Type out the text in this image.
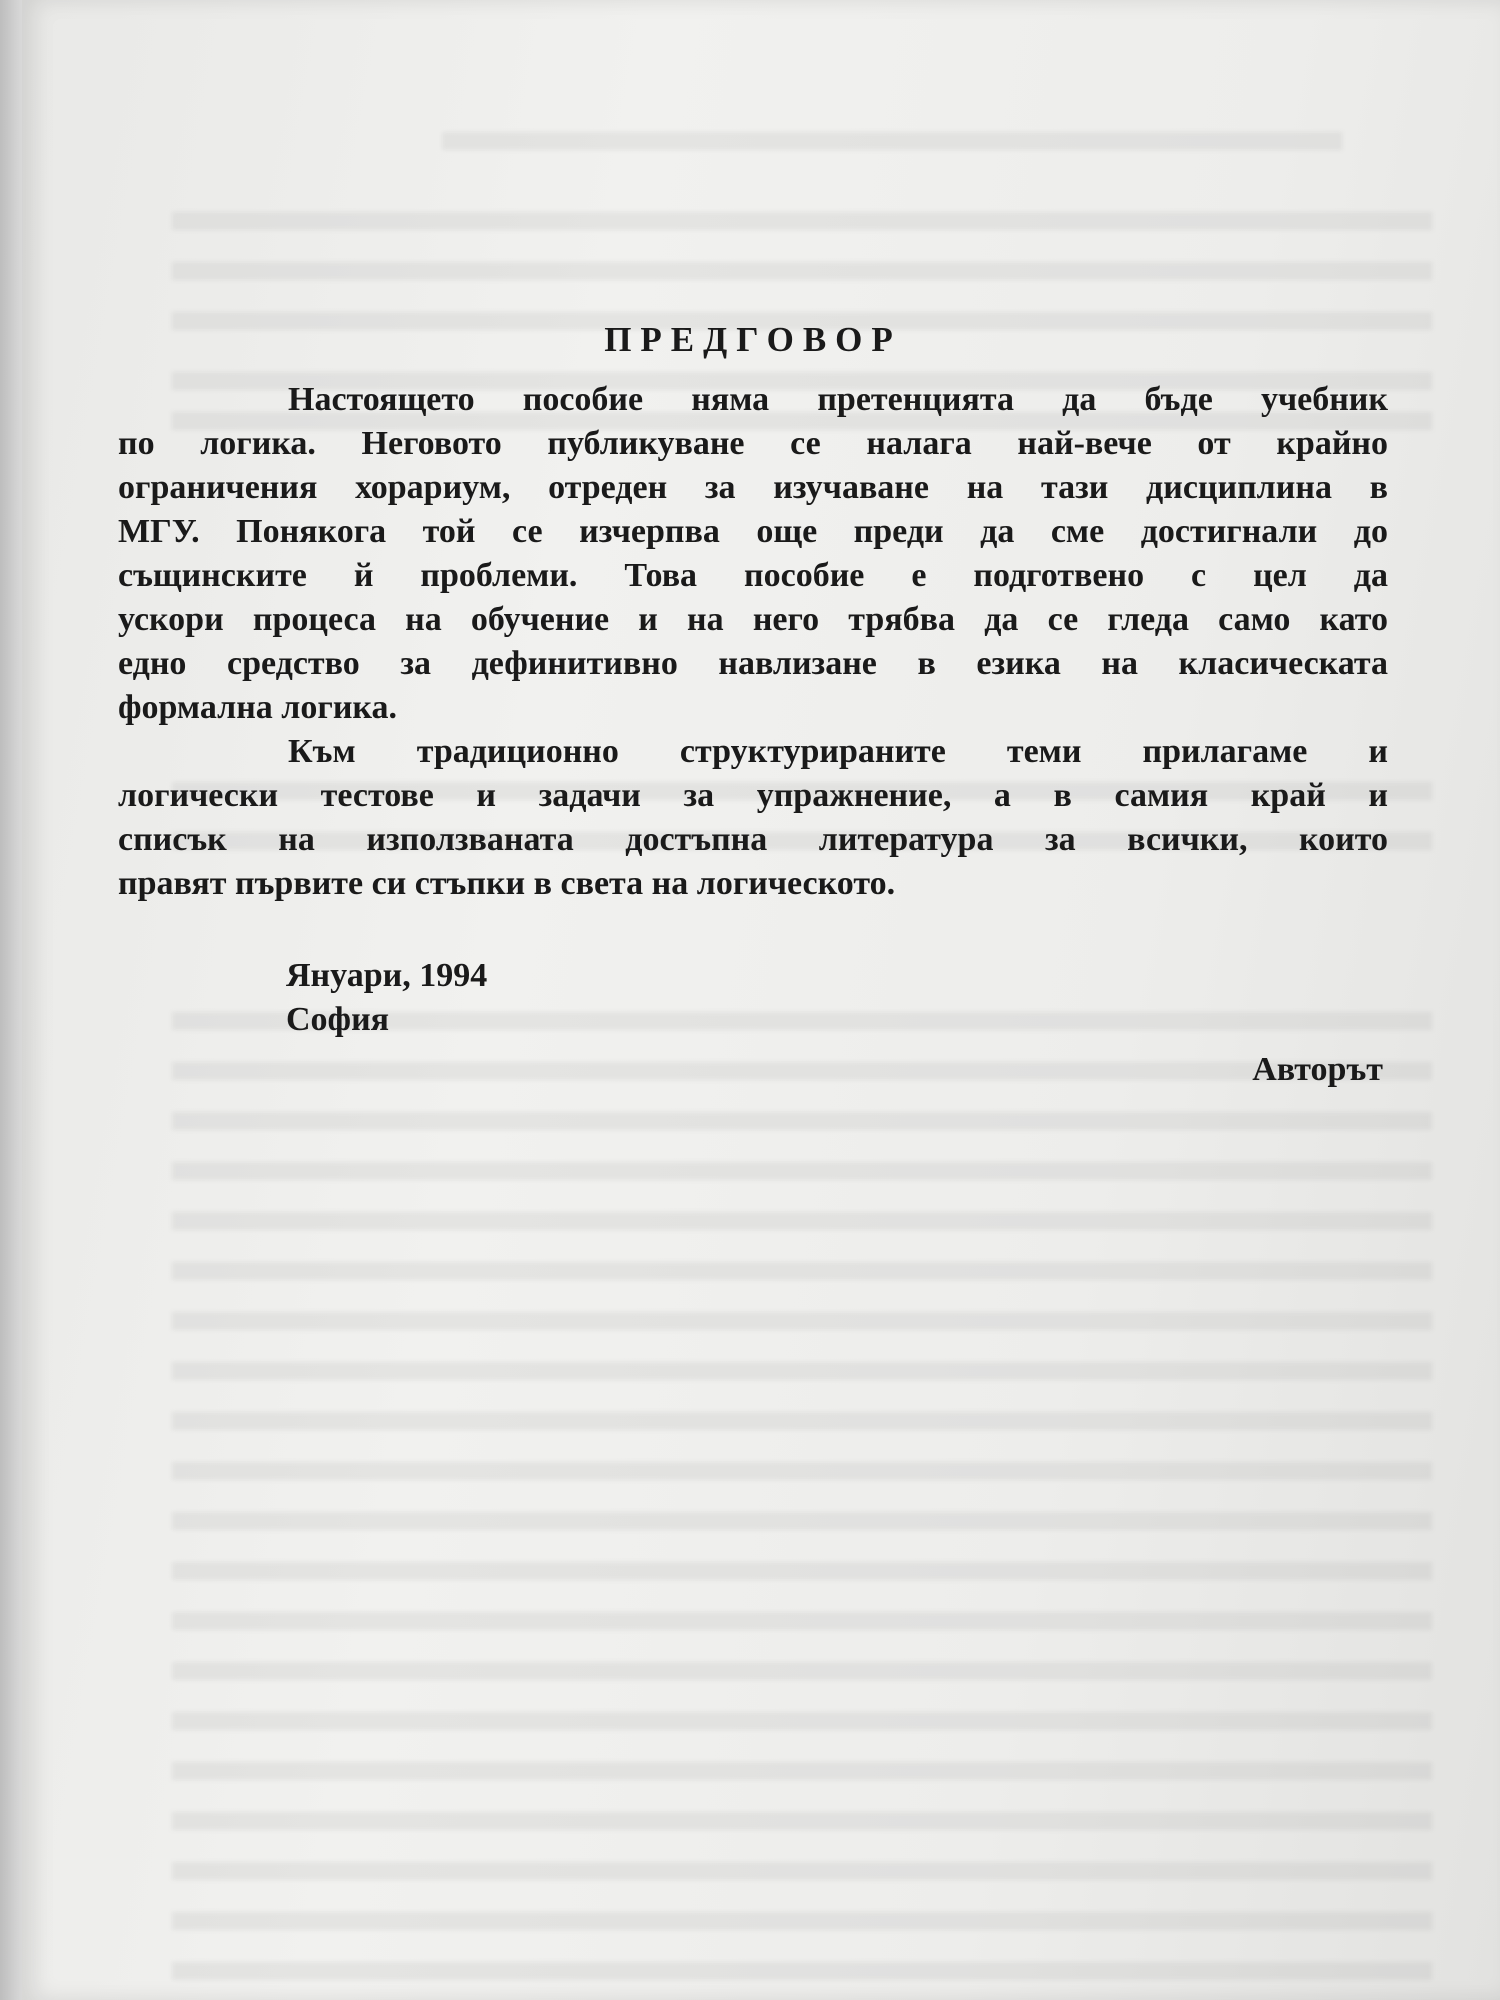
ПРЕДГОВОР
Настоящето пособие няма претенцията да бъде учебник
по логика. Неговото публикуване се налага най-вече от крайно
ограничения хорариум, отреден за изучаване на тази дисциплина в
МГУ. Понякога той се изчерпва още преди да сме достигнали до
същинските й проблеми. Това пособие е подготвено с цел да
ускори процеса на обучение и на него трябва да се гледа само като
едно средство за дефинитивно навлизане в езика на класическата
формална логика.
Към традиционно структурираните теми прилагаме и
логически тестове и задачи за упражнение, а в самия край и
списък на използваната достъпна литература за всички, които
правят първите си стъпки в света на логическото.
Януари, 1994
София
Авторът
